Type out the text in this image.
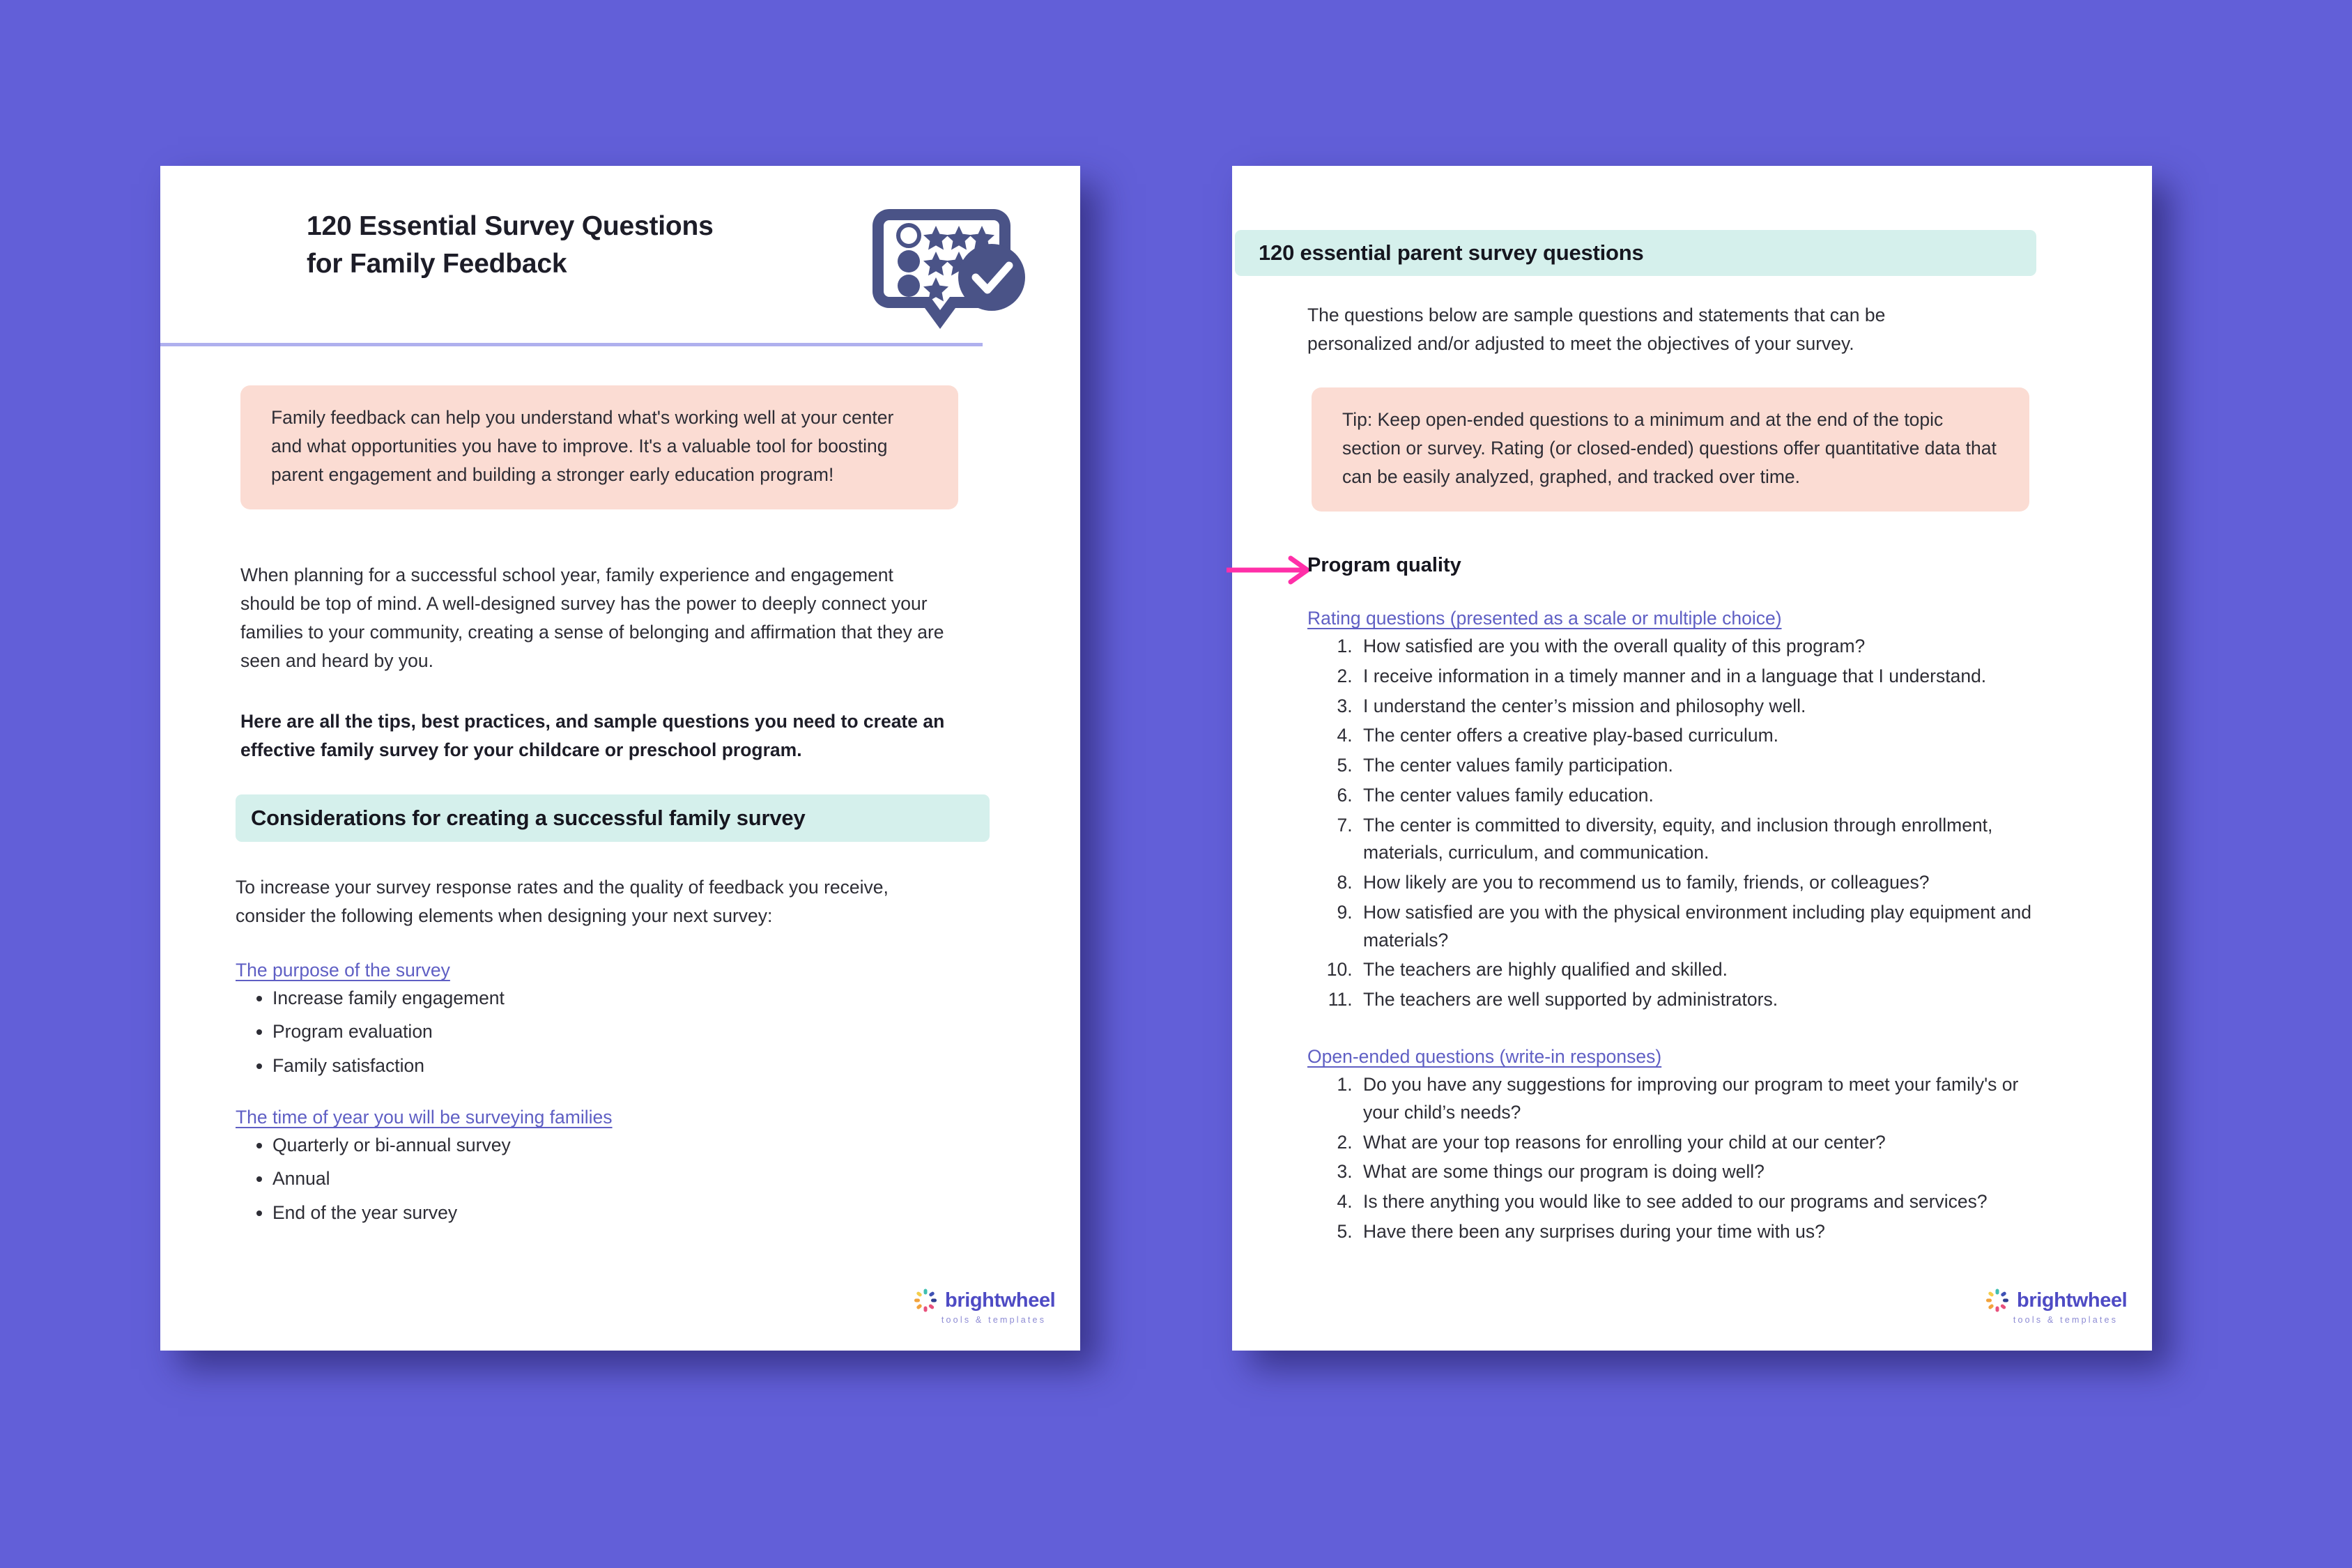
120 Essential Survey Questions
for Family Feedback

Family feedback can help you understand what's working well at your center and what opportunities you have to improve. It's a valuable tool for boosting parent engagement and building a stronger early education program!

When planning for a successful school year, family experience and engagement should be top of mind. A well-designed survey has the power to deeply connect your families to your community, creating a sense of belonging and affirmation that they are seen and heard by you.
Here are all the tips, best practices, and sample questions you need to create an effective family survey for your childcare or preschool program.
Considerations for creating a successful family survey
To increase your survey response rates and the quality of feedback you receive, consider the following elements when designing your next survey:
The purpose of the survey
• Increase family engagement
• Program evaluation
• Family satisfaction
The time of year you will be surveying families
• Quarterly or bi-annual survey
• Annual
• End of the year survey
brightwheel
tools & templates
120 essential parent survey questions
The questions below are sample questions and statements that can be personalized and/or adjusted to meet the objectives of your survey.

Tip: Keep open-ended questions to a minimum and at the end of the topic section or survey. Rating (or closed-ended) questions offer quantitative data that can be easily analyzed, graphed, and tracked over time.

Program quality
Rating questions (presented as a scale or multiple choice)
1. How satisfied are you with the overall quality of this program?
2. I receive information in a timely manner and in a language that I understand.
3. I understand the center’s mission and philosophy well.
4. The center offers a creative play-based curriculum.
5. The center values family participation.
6. The center values family education.
7. The center is committed to diversity, equity, and inclusion through enrollment, materials, curriculum, and communication.
8. How likely are you to recommend us to family, friends, or colleagues?
9. How satisfied are you with the physical environment including play equipment and materials?
10. The teachers are highly qualified and skilled.
11. The teachers are well supported by administrators.
Open-ended questions (write-in responses)
1. Do you have any suggestions for improving our program to meet your family's or your child’s needs?
2. What are your top reasons for enrolling your child at our center?
3. What are some things our program is doing well?
4. Is there anything you would like to see added to our programs and services?
5. Have there been any surprises during your time with us?
brightwheel
tools & templates
